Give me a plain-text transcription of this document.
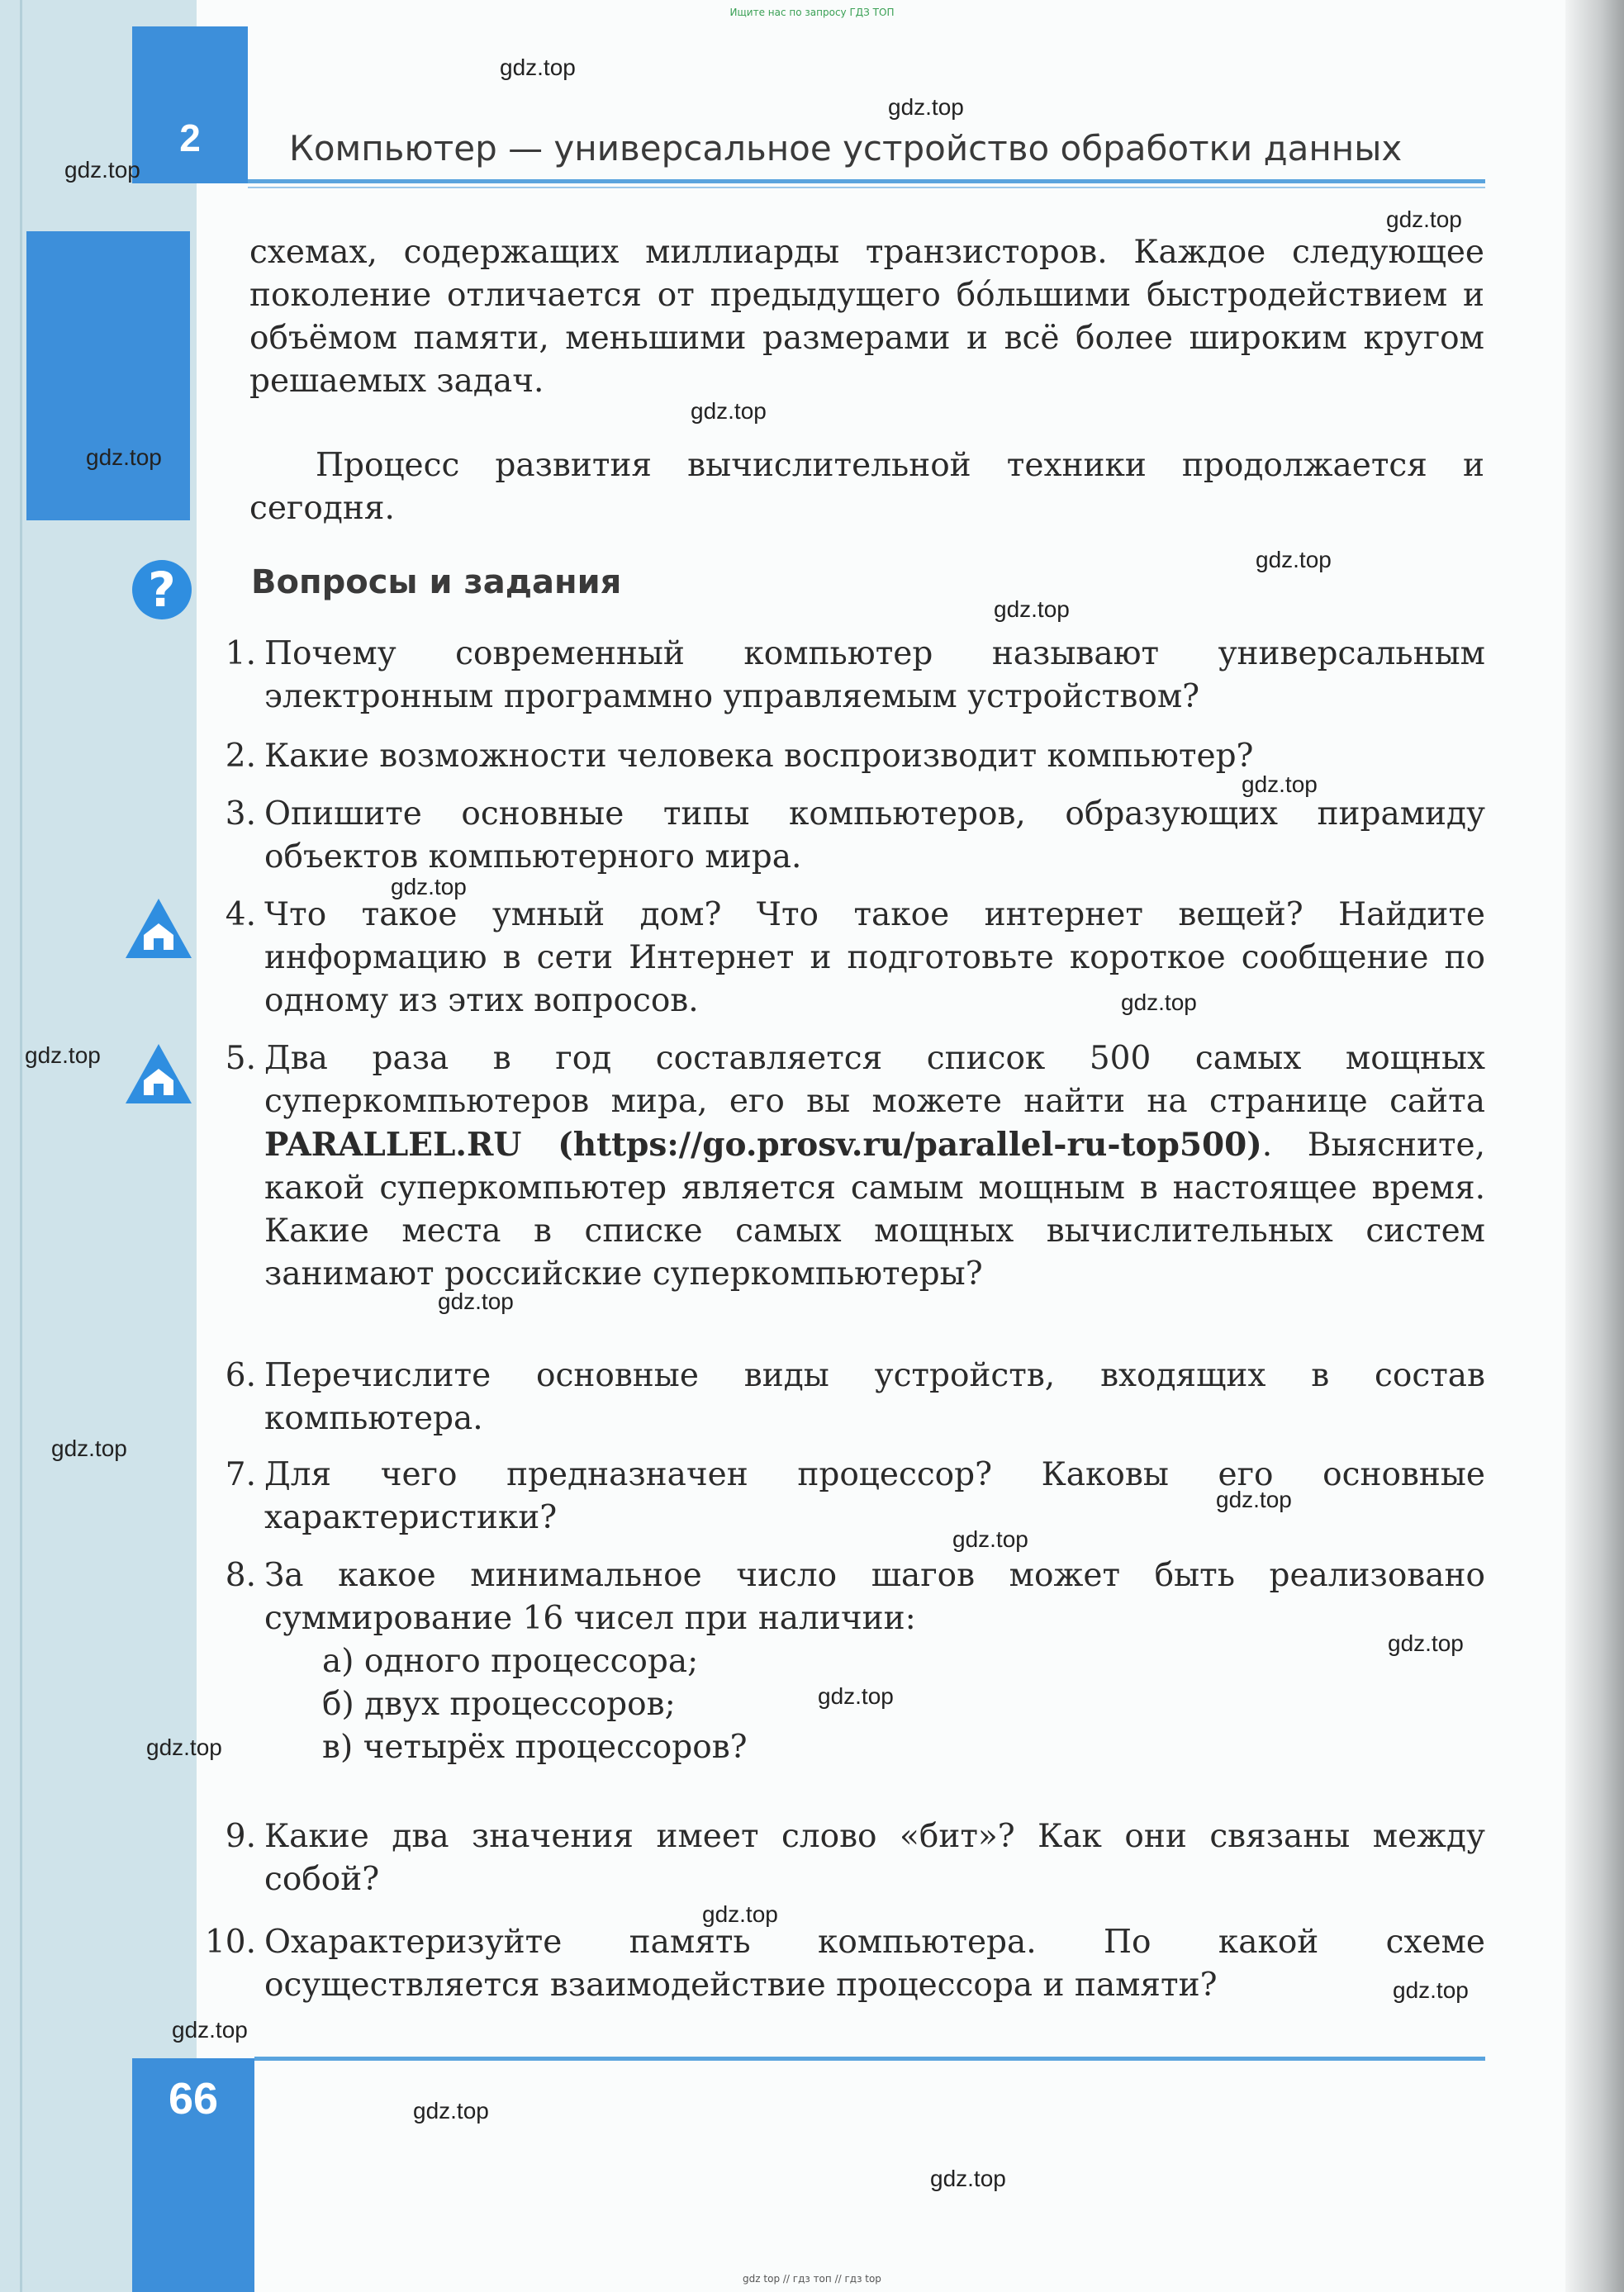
Ищите нас по запросу ГДЗ ТОП
gdz top // гдз топ // гдз top
2	Компьютер — универсальное устройство обработки данных
схемах, содержащих миллиарды транзисторов. Каждое следующее поколение отличается от предыдущего бо́льшими быстродействием и объёмом памяти, меньшими размерами и всё более широким кругом решаемых задач.
Процесс развития вычислительной техники продолжается и сегодня.
?	Вопросы и задания
1. Почему современный компьютер называют универсальным электронным программно управляемым устройством?
2. Какие возможности человека воспроизводит компьютер?
3. Опишите основные типы компьютеров, образующих пирамиду объектов компьютерного мира.
4. Что такое умный дом? Что такое интернет вещей? Найдите информацию в сети Интернет и подготовьте короткое сообщение по одному из этих вопросов.
5. Два раза в год составляется список 500 самых мощных суперкомпьютеров мира, его вы можете найти на странице сайта PARALLEL.RU (https://go.prosv.ru/parallel-ru-top500). Выясните, какой суперкомпьютер является самым мощным в настоящее время. Какие места в списке самых мощных вычислительных систем занимают российские суперкомпьютеры?
6. Перечислите основные виды устройств, входящих в состав компьютера.
7. Для чего предназначен процессор? Каковы его основные характеристики?
8. За какое минимальное число шагов может быть реализовано суммирование 16 чисел при наличии:
а) одного процессора;
б) двух процессоров;
в) четырёх процессоров?
9. Какие два значения имеет слово «бит»? Как они связаны между собой?
10. Охарактеризуйте память компьютера. По какой схеме осуществляется взаимодействие процессора и памяти?
66
gdz.top
gdz.top
gdz.top
gdz.top
gdz.top
gdz.top
gdz.top
gdz.top
gdz.top
gdz.top
gdz.top
gdz.top
gdz.top
gdz.top
gdz.top
gdz.top
gdz.top
gdz.top
gdz.top
gdz.top
gdz.top
gdz.top
gdz.top
gdz.top
